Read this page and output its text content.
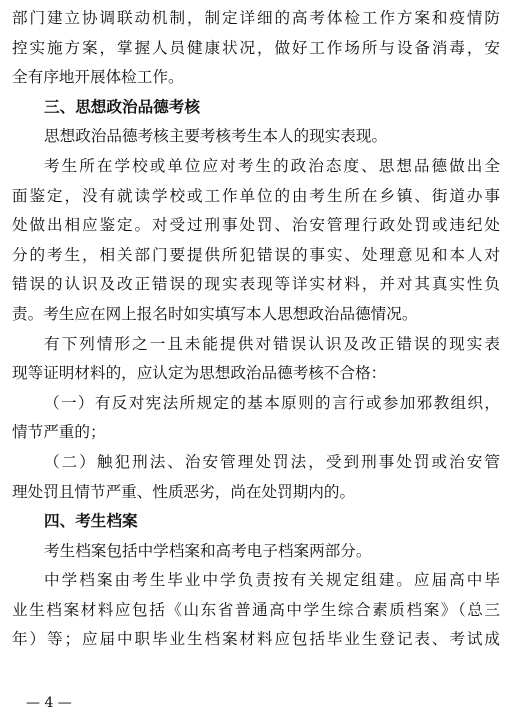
部门建立协调联动机制，制定详细的高考体检工作方案和疫情防
控实施方案，掌握人员健康状况，做好工作场所与设备消毒，安
全有序地开展体检工作。
三、思想政治品德考核
思想政治品德考核主要考核考生本人的现实表现。
考生所在学校或单位应对考生的政治态度、思想品德做出全
面鉴定，没有就读学校或工作单位的由考生所在乡镇、街道办事
处做出相应鉴定。对受过刑事处罚、治安管理行政处罚或违纪处
分的考生，相关部门要提供所犯错误的事实、处理意见和本人对
错误的认识及改正错误的现实表现等详实材料，并对其真实性负
责。考生应在网上报名时如实填写本人思想政治品德情况。
有下列情形之一且未能提供对错误认识及改正错误的现实表
现等证明材料的，应认定为思想政治品德考核不合格：
（一）有反对宪法所规定的基本原则的言行或参加邪教组织，
情节严重的；
（二）触犯刑法、治安管理处罚法，受到刑事处罚或治安管
理处罚且情节严重、性质恶劣，尚在处罚期内的。
四、考生档案
考生档案包括中学档案和高考电子档案两部分。
中学档案由考生毕业中学负责按有关规定组建。应届高中毕
业生档案材料应包括《山东省普通高中学生综合素质档案》（总三
年）等；应届中职毕业生档案材料应包括毕业生登记表、考试成
— 4 —
